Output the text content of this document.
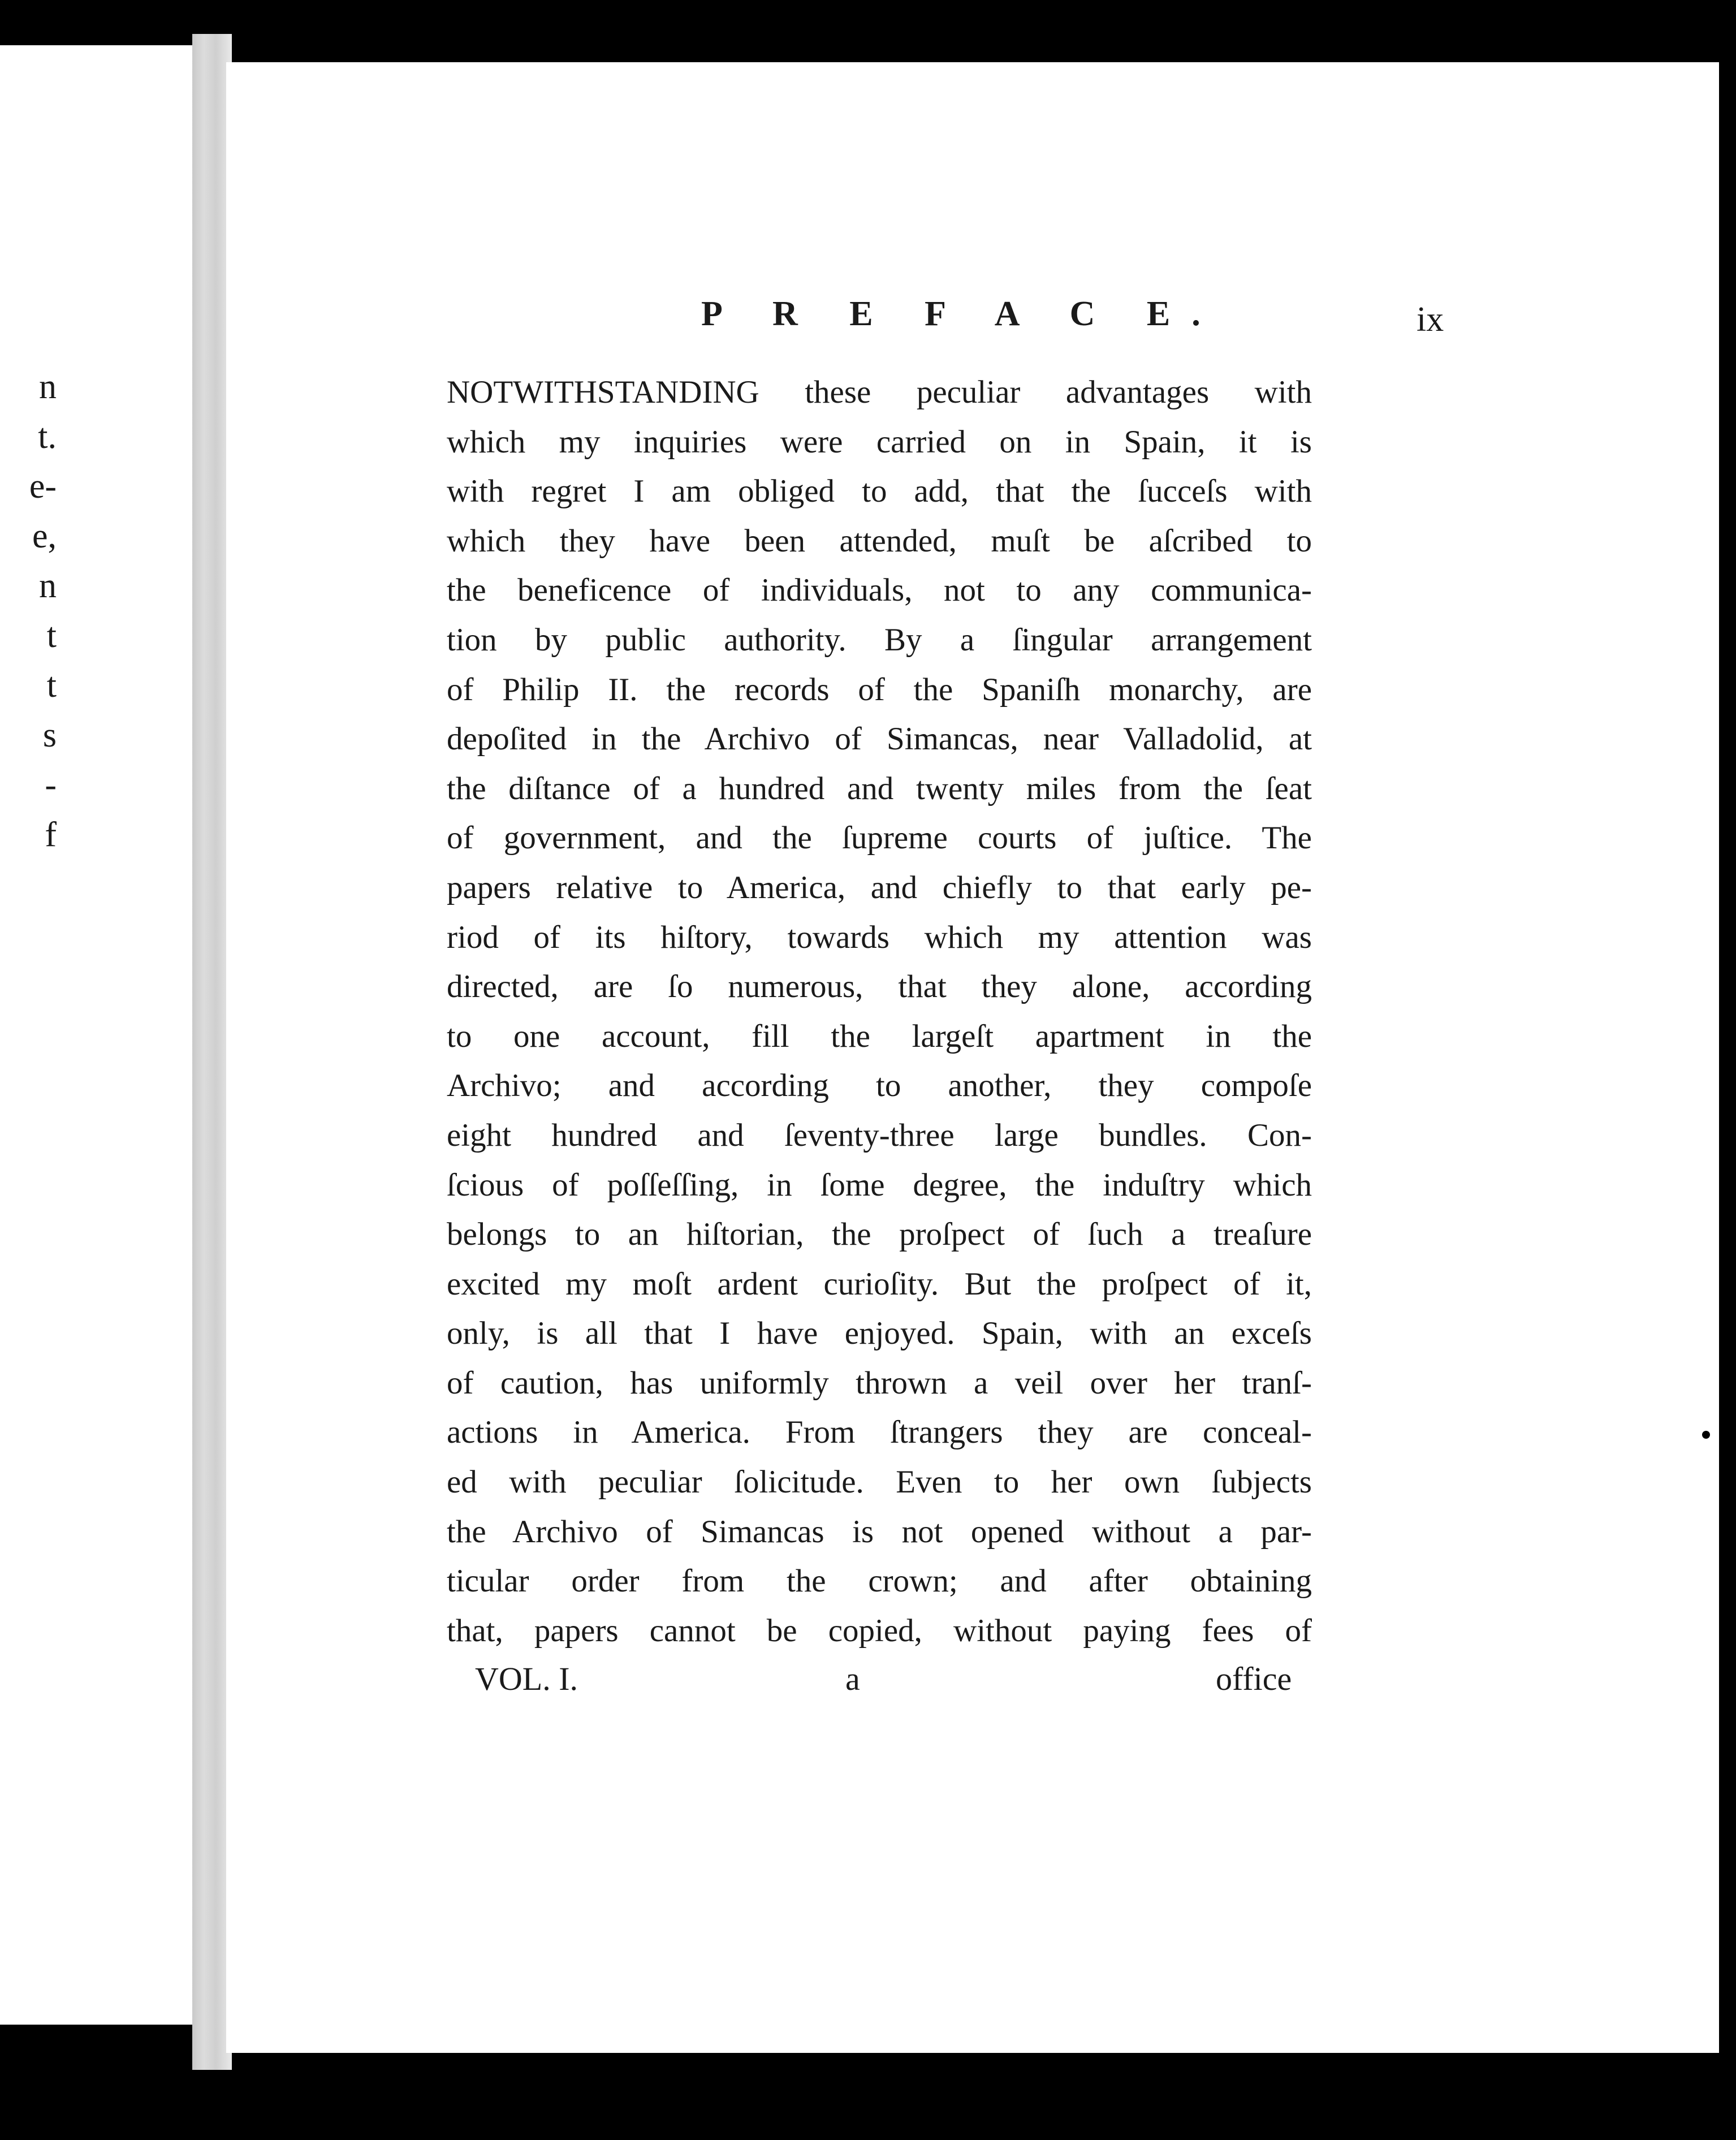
n
t.
e-
e,
n
t
t
s
-
f
P R E F A C E.	ix
NOTWITHSTANDING these peculiar advantages with
which my inquiries were carried on in Spain, it is
with regret I am obliged to add, that the ſucceſs with
which they have been attended, muſt be aſcribed to
the beneficence of individuals, not to any communica-
tion by public authority. By a ſingular arrangement
of Philip II. the records of the Spaniſh monarchy, are
depoſited in the Archivo of Simancas, near Valladolid, at
the diſtance of a hundred and twenty miles from the ſeat
of government, and the ſupreme courts of juſtice. The
papers relative to America, and chiefly to that early pe-
riod of its hiſtory, towards which my attention was
directed, are ſo numerous, that they alone, according
to one account, fill the largeſt apartment in the
Archivo; and according to another, they compoſe
eight hundred and ſeventy-three large bundles. Con-
ſcious of poſſeſſing, in ſome degree, the induſtry which
belongs to an hiſtorian, the proſpect of ſuch a treaſure
excited my moſt ardent curioſity. But the proſpect of it,
only, is all that I have enjoyed. Spain, with an exceſs
of caution, has uniformly thrown a veil over her tranſ-
actions in America. From ſtrangers they are conceal-
ed with peculiar ſolicitude. Even to her own ſubjects
the Archivo of Simancas is not opened without a par-
ticular order from the crown; and after obtaining
that, papers cannot be copied, without paying fees of
VOL. I.	a	office
